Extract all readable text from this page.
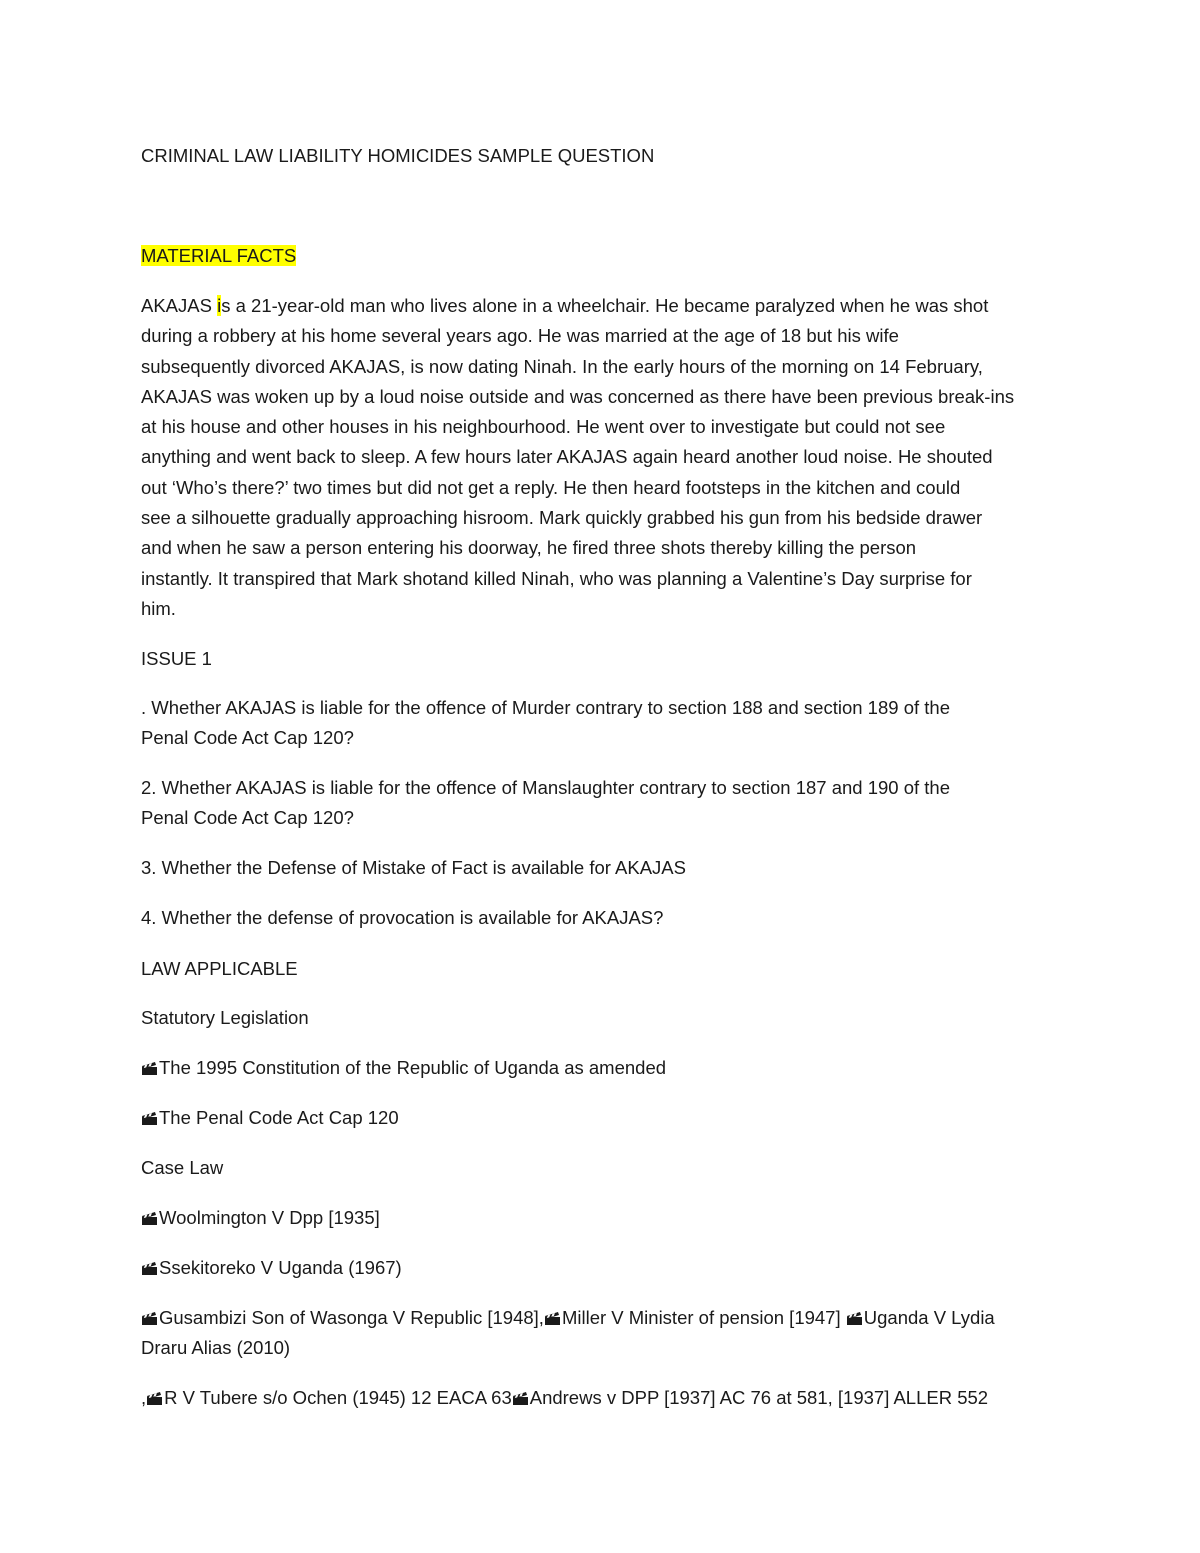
CRIMINAL LAW LIABILITY HOMICIDES SAMPLE QUESTION
MATERIAL FACTS
AKAJAS is a 21-year-old man who lives alone in a wheelchair. He became paralyzed when he was shot
during a robbery at his home several years ago. He was married at the age of 18 but his wife
subsequently divorced AKAJAS, is now dating Ninah. In the early hours of the morning on 14 February,
AKAJAS was woken up by a loud noise outside and was concerned as there have been previous break-ins
at his house and other houses in his neighbourhood. He went over to investigate but could not see
anything and went back to sleep. A few hours later AKAJAS again heard another loud noise. He shouted
out ‘Who’s there?’ two times but did not get a reply. He then heard footsteps in the kitchen and could
see a silhouette gradually approaching hisroom. Mark quickly grabbed his gun from his bedside drawer
and when he saw a person entering his doorway, he fired three shots thereby killing the person
instantly. It transpired that Mark shotand killed Ninah, who was planning a Valentine’s Day surprise for
him.
ISSUE 1
. Whether AKAJAS is liable for the offence of Murder contrary to section 188 and section 189 of the
Penal Code Act Cap 120?
2. Whether AKAJAS is liable for the offence of Manslaughter contrary to section 187 and 190 of the
Penal Code Act Cap 120?
3. Whether the Defense of Mistake of Fact is available for AKAJAS
4. Whether the defense of provocation is available for AKAJAS?
LAW APPLICABLE
Statutory Legislation
The 1995 Constitution of the Republic of Uganda as amended
The Penal Code Act Cap 120
Case Law
Woolmington V Dpp [1935]
Ssekitoreko V Uganda (1967)
Gusambizi Son of Wasonga V Republic [1948], Miller V Minister of pension [1947]
Uganda V Lydia
Draru Alias (2010)
, R V Tubere s/o Ochen (1945) 12 EACA 63 Andrews v DPP [1937] AC 76 at 581, [1937] ALLER 552
